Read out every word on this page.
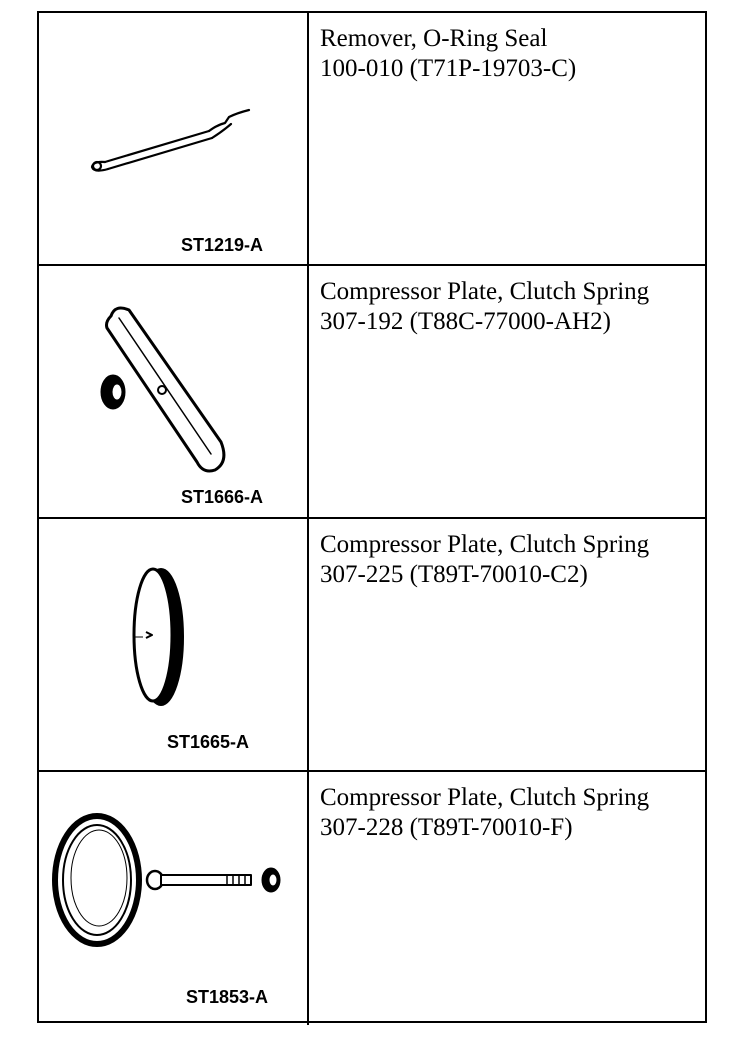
ST1219-A
Remover, O-Ring Seal
100-010 (T71P-19703-C)
ST1666-A
Compressor Plate, Clutch Spring
307-192 (T88C-77000-AH2)
ST1665-A
Compressor Plate, Clutch Spring
307-225 (T89T-70010-C2)
ST1853-A
Compressor Plate, Clutch Spring
307-228 (T89T-70010-F)
